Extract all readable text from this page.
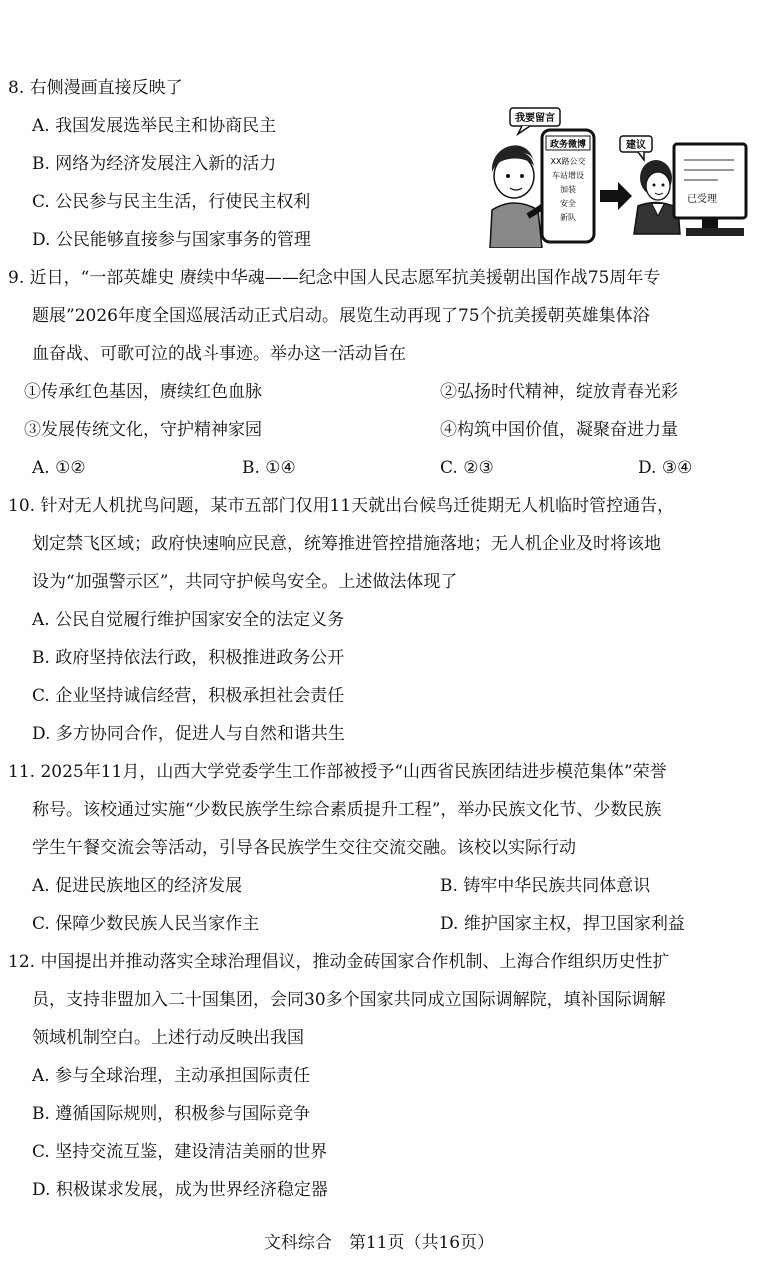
8. 右侧漫画直接反映了
A. 我国发展选举民主和协商民主
B. 网络为经济发展注入新的活力
C. 公民参与民主生活，行使民主权利
D. 公民能够直接参与国家事务的管理
我要留言
政务微博
XX路公交
车站增设
加装
安全
新队
建议
已受理
9. 近日，“一部英雄史 赓续中华魂——纪念中国人民志愿军抗美援朝出国作战75周年专
题展”2026年度全国巡展活动正式启动。展览生动再现了75个抗美援朝英雄集体浴
血奋战、可歌可泣的战斗事迹。举办这一活动旨在
①传承红色基因，赓续红色血脉	②弘扬时代精神，绽放青春光彩
③发展传统文化，守护精神家园	④构筑中国价值，凝聚奋进力量
A. ①②	B. ①④	C. ②③	D. ③④
10. 针对无人机扰鸟问题，某市五部门仅用11天就出台候鸟迁徙期无人机临时管控通告，
划定禁飞区域；政府快速响应民意，统筹推进管控措施落地；无人机企业及时将该地
设为“加强警示区”，共同守护候鸟安全。上述做法体现了
A. 公民自觉履行维护国家安全的法定义务
B. 政府坚持依法行政，积极推进政务公开
C. 企业坚持诚信经营，积极承担社会责任
D. 多方协同合作，促进人与自然和谐共生
11. 2025年11月，山西大学党委学生工作部被授予“山西省民族团结进步模范集体”荣誉
称号。该校通过实施“少数民族学生综合素质提升工程”，举办民族文化节、少数民族
学生午餐交流会等活动，引导各民族学生交往交流交融。该校以实际行动
A. 促进民族地区的经济发展	B. 铸牢中华民族共同体意识
C. 保障少数民族人民当家作主	D. 维护国家主权，捍卫国家利益
12. 中国提出并推动落实全球治理倡议，推动金砖国家合作机制、上海合作组织历史性扩
员，支持非盟加入二十国集团，会同30多个国家共同成立国际调解院，填补国际调解
领域机制空白。上述行动反映出我国
A. 参与全球治理，主动承担国际责任
B. 遵循国际规则，积极参与国际竞争
C. 坚持交流互鉴，建设清洁美丽的世界
D. 积极谋求发展，成为世界经济稳定器
文科综合　第11页（共16页）
